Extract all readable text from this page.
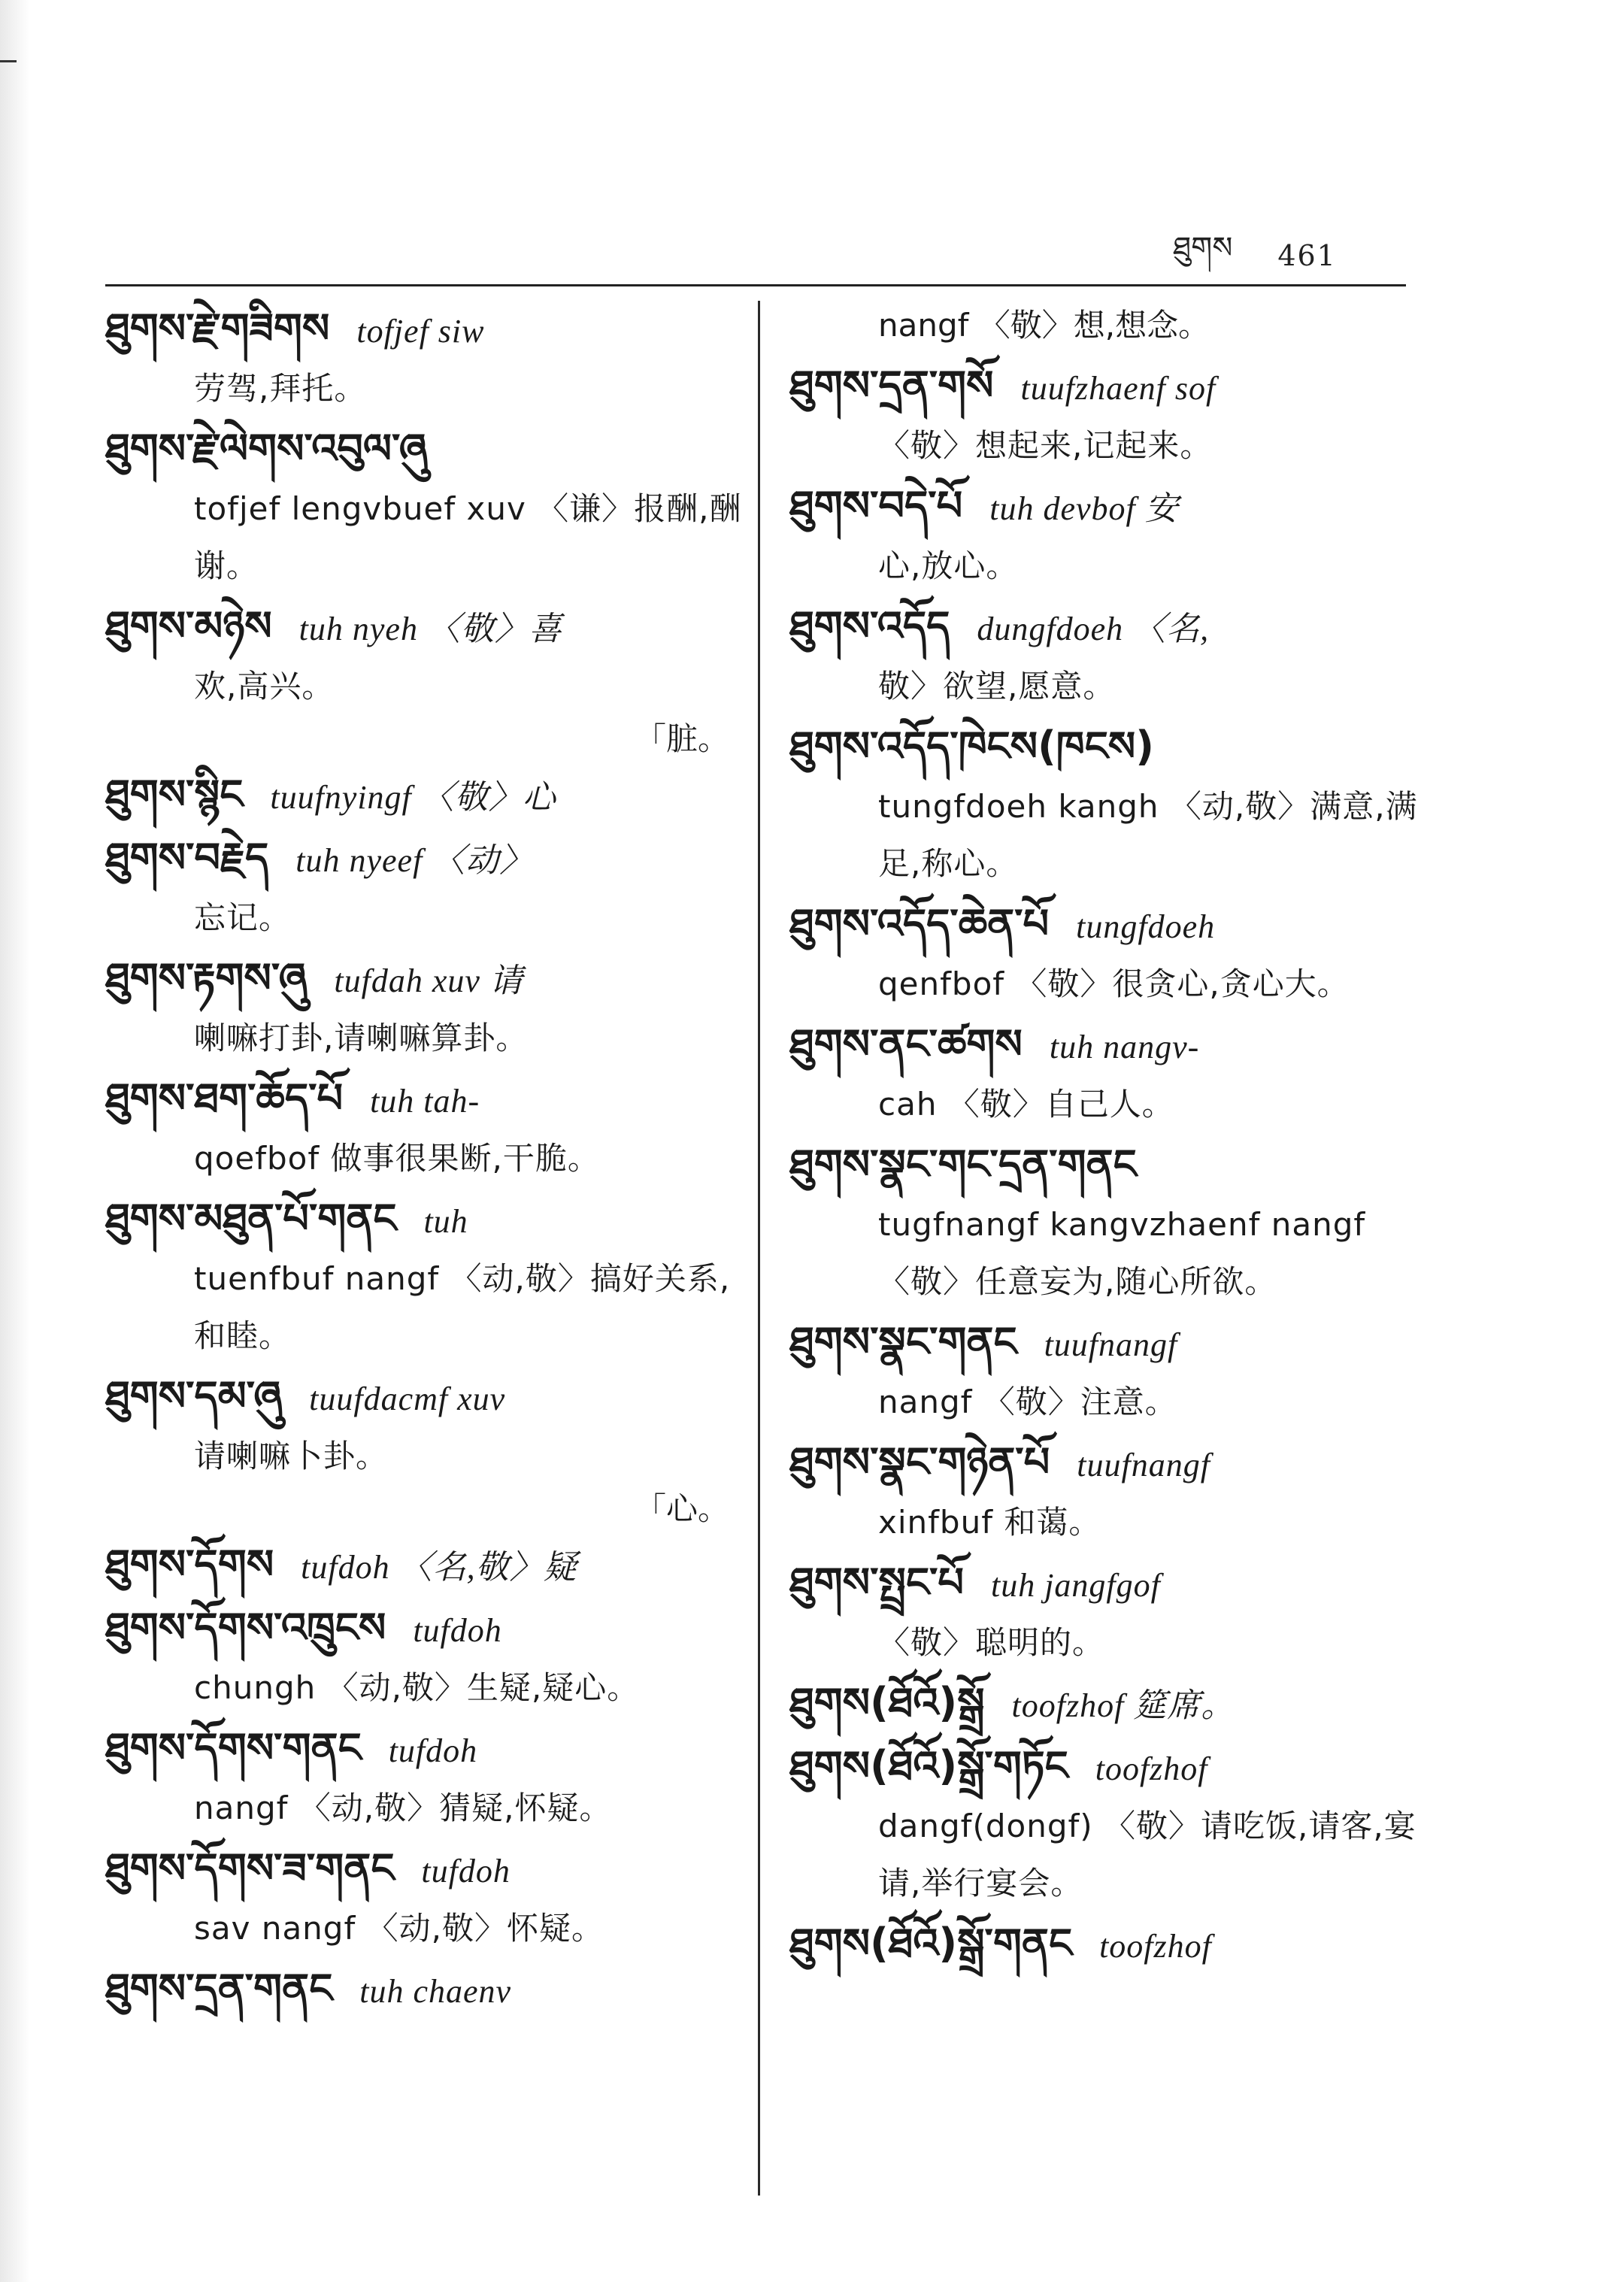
ཐུགས 461
ཐུགས་རྗེ་གཟིགས tofjef siw
劳驾,拜托。
ཐུགས་རྗེ་ལེགས་འབུལ་ཞུ
tofjef lengvbuef xuv 〈谦〉报酬,酬谢。
ཐུགས་མཉེས tuh nyeh 〈敬〉喜
欢,高兴。
「脏。
ཐུགས་སྙིང tuufnyingf 〈敬〉心
ཐུགས་བརྗེད tuh nyeef 〈动〉
忘记。
ཐུགས་རྟགས་ཞུ tufdah xuv 请
喇嘛打卦,请喇嘛算卦。
ཐུགས་ཐག་ཆོད་པོ tuh tah-
qoefbof 做事很果断,干脆。
ཐུགས་མཐུན་པོ་གནང tuh
tuenfbuf nangf 〈动,敬〉搞好关系,和睦。
ཐུགས་དམ་ཞུ tuufdacmf xuv
请喇嘛卜卦。
「心。
ཐུགས་དོགས tufdoh 〈名,敬〉疑
ཐུགས་དོགས་འཁྲུངས tufdoh
chungh 〈动,敬〉生疑,疑心。
ཐུགས་དོགས་གནང tufdoh
nangf 〈动,敬〉猜疑,怀疑。
ཐུགས་དོགས་ཟ་གནང tufdoh
sav nangf 〈动,敬〉怀疑。
ཐུགས་དྲན་གནང tuh chaenv
nangf 〈敬〉想,想念。
ཐུགས་དྲན་གསོ tuufzhaenf sof
〈敬〉想起来,记起来。
ཐུགས་བདེ་པོ tuh devbof 安
心,放心。
ཐུགས་འདོད dungfdoeh 〈名,
敬〉欲望,愿意。
ཐུགས་འདོད་ཁེངས(ཁངས)
tungfdoeh kangh 〈动,敬〉满意,满足,称心。
ཐུགས་འདོད་ཆེན་པོ tungfdoeh
qenfbof 〈敬〉很贪心,贪心大。
ཐུགས་ནང་ཚགས tuh nangv-
cah 〈敬〉自己人。
ཐུགས་སྣང་གང་དྲན་གནང
tugfnangf kangvzhaenf nangf 〈敬〉任意妄为,随心所欲。
ཐུགས་སྣང་གནང tuufnangf
nangf 〈敬〉注意。
ཐུགས་སྣང་གཉེན་པོ tuufnangf
xinfbuf 和蔼。
ཐུགས་སྤྲང་པོ tuh jangfgof
〈敬〉聪明的。
ཐུགས(ཐོའོ)སྒྲོ toofzhof 筵席。
ཐུགས(ཐོའོ)སྒྲོ་གཏོང toofzhof
dangf(dongf) 〈敬〉请吃饭,请客,宴请,举行宴会。
ཐུགས(ཐོའོ)སྒྲོ་གནང toofzhof
